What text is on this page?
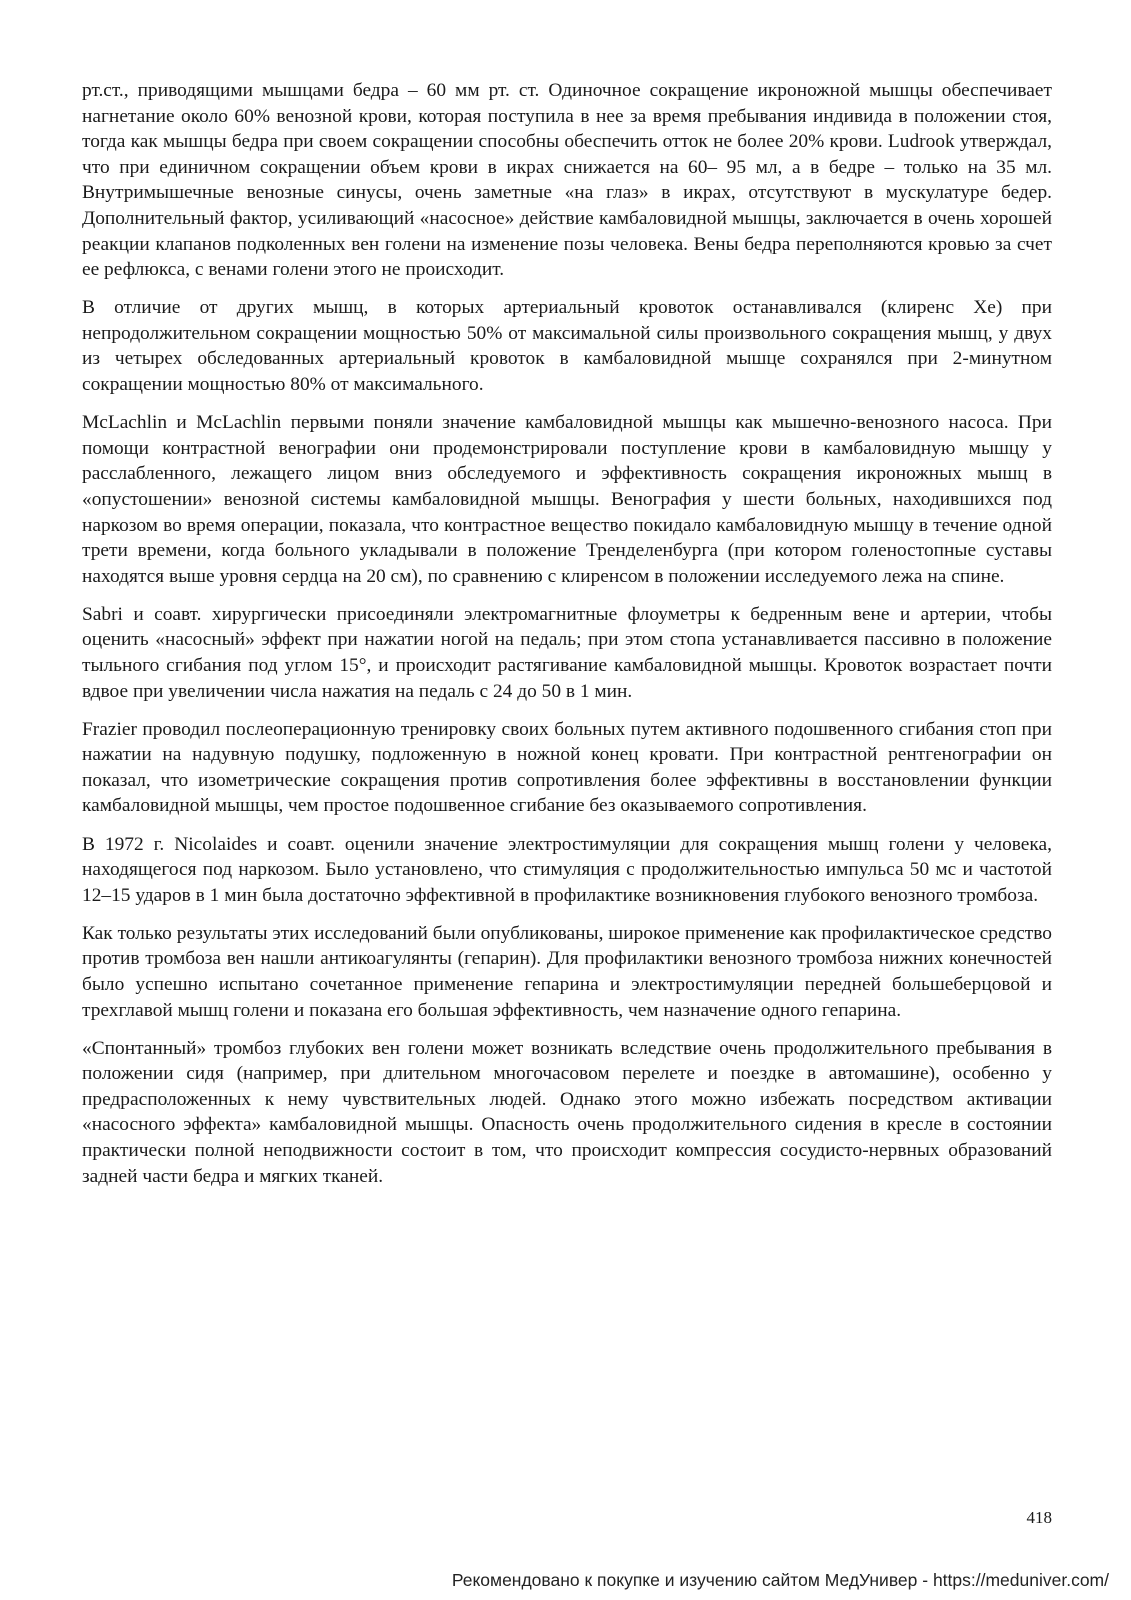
рт.ст., приводящими мышцами бедра – 60 мм рт. ст. Одиночное сокращение икроножной мышцы обеспечивает нагнетание около 60% венозной крови, которая поступила в нее за время пребывания индивида в положении стоя, тогда как мышцы бедра при своем сокращении способны обеспечить отток не более 20% крови. Ludrook утверждал, что при единичном сокращении объем крови в икрах снижается на 60– 95 мл, а в бедре – только на 35 мл. Внутримышечные венозные синусы, очень заметные «на глаз» в икрах, отсутствуют в мускулатуре бедер. Дополнительный фактор, усиливающий «насосное» действие камбаловидной мышцы, заключается в очень хорошей реакции клапанов подколенных вен голени на изменение позы человека. Вены бедра переполняются кровью за счет ее рефлюкса, с венами голени этого не происходит.

В отличие от других мышц, в которых артериальный кровоток останавливался (клиренс Хе) при непродолжительном сокращении мощностью 50% от максимальной силы произвольного сокращения мышц, у двух из четырех обследованных артериальный кровоток в камбаловидной мышце сохранялся при 2-минутном сокращении мощностью 80% от максимального.

McLachlin и McLachlin первыми поняли значение камбаловидной мышцы как мышечно-венозного насоса. При помощи контрастной венографии они продемонстрировали поступление крови в камбаловидную мышцу у расслабленного, лежащего лицом вниз обследуемого и эффективность сокращения икроножных мышц в «опустошении» венозной системы камбаловидной мышцы. Венография у шести больных, находившихся под наркозом во время операции, показала, что контрастное вещество покидало камбаловидную мышцу в течение одной трети времени, когда больного укладывали в положение Тренделенбурга (при котором голеностопные суставы находятся выше уровня сердца на 20 см), по сравнению с клиренсом в положении исследуемого лежа на спине.

Sabri и соавт. хирургически присоединяли электромагнитные флоуметры к бедренным вене и артерии, чтобы оценить «насосный» эффект при нажатии ногой на педаль; при этом стопа устанавливается пассивно в положение тыльного сгибания под углом 15°, и происходит растягивание камбаловидной мышцы. Кровоток возрастает почти вдвое при увеличении числа нажатия на педаль с 24 до 50 в 1 мин.

Frazier проводил послеоперационную тренировку своих больных путем активного подошвенного сгибания стоп при нажатии на надувную подушку, подложенную в ножной конец кровати. При контрастной рентгенографии он показал, что изометрические сокращения против сопротивления более эффективны в восстановлении функции камбаловидной мышцы, чем простое подошвенное сгибание без оказываемого сопротивления.

В 1972 г. Nicolaides и соавт. оценили значение электростимуляции для сокращения мышц голени у человека, находящегося под наркозом. Было установлено, что стимуляция с продолжительностью импульса 50 мс и частотой 12–15 ударов в 1 мин была достаточно эффективной в профилактике возникновения глубокого венозного тромбоза.

Как только результаты этих исследований были опубликованы, широкое применение как профилактическое средство против тромбоза вен нашли антикоагулянты (гепарин). Для профилактики венозного тромбоза нижних конечностей было успешно испытано сочетанное применение гепарина и электростимуляции передней большеберцовой и трехглавой мышц голени и показана его большая эффективность, чем назначение одного гепарина.

«Спонтанный» тромбоз глубоких вен голени может возникать вследствие очень продолжительного пребывания в положении сидя (например, при длительном многочасовом перелете и поездке в автомашине), особенно у предрасположенных к нему чувствительных людей. Однако этого можно избежать посредством активации «насосного эффекта» камбаловидной мышцы. Опасность очень продолжительного сидения в кресле в состоянии практически полной неподвижности состоит в том, что происходит компрессия сосудисто-нервных образований задней части бедра и мягких тканей.

418
Рекомендовано к покупке и изучению сайтом МедУнивер - https://meduniver.com/
